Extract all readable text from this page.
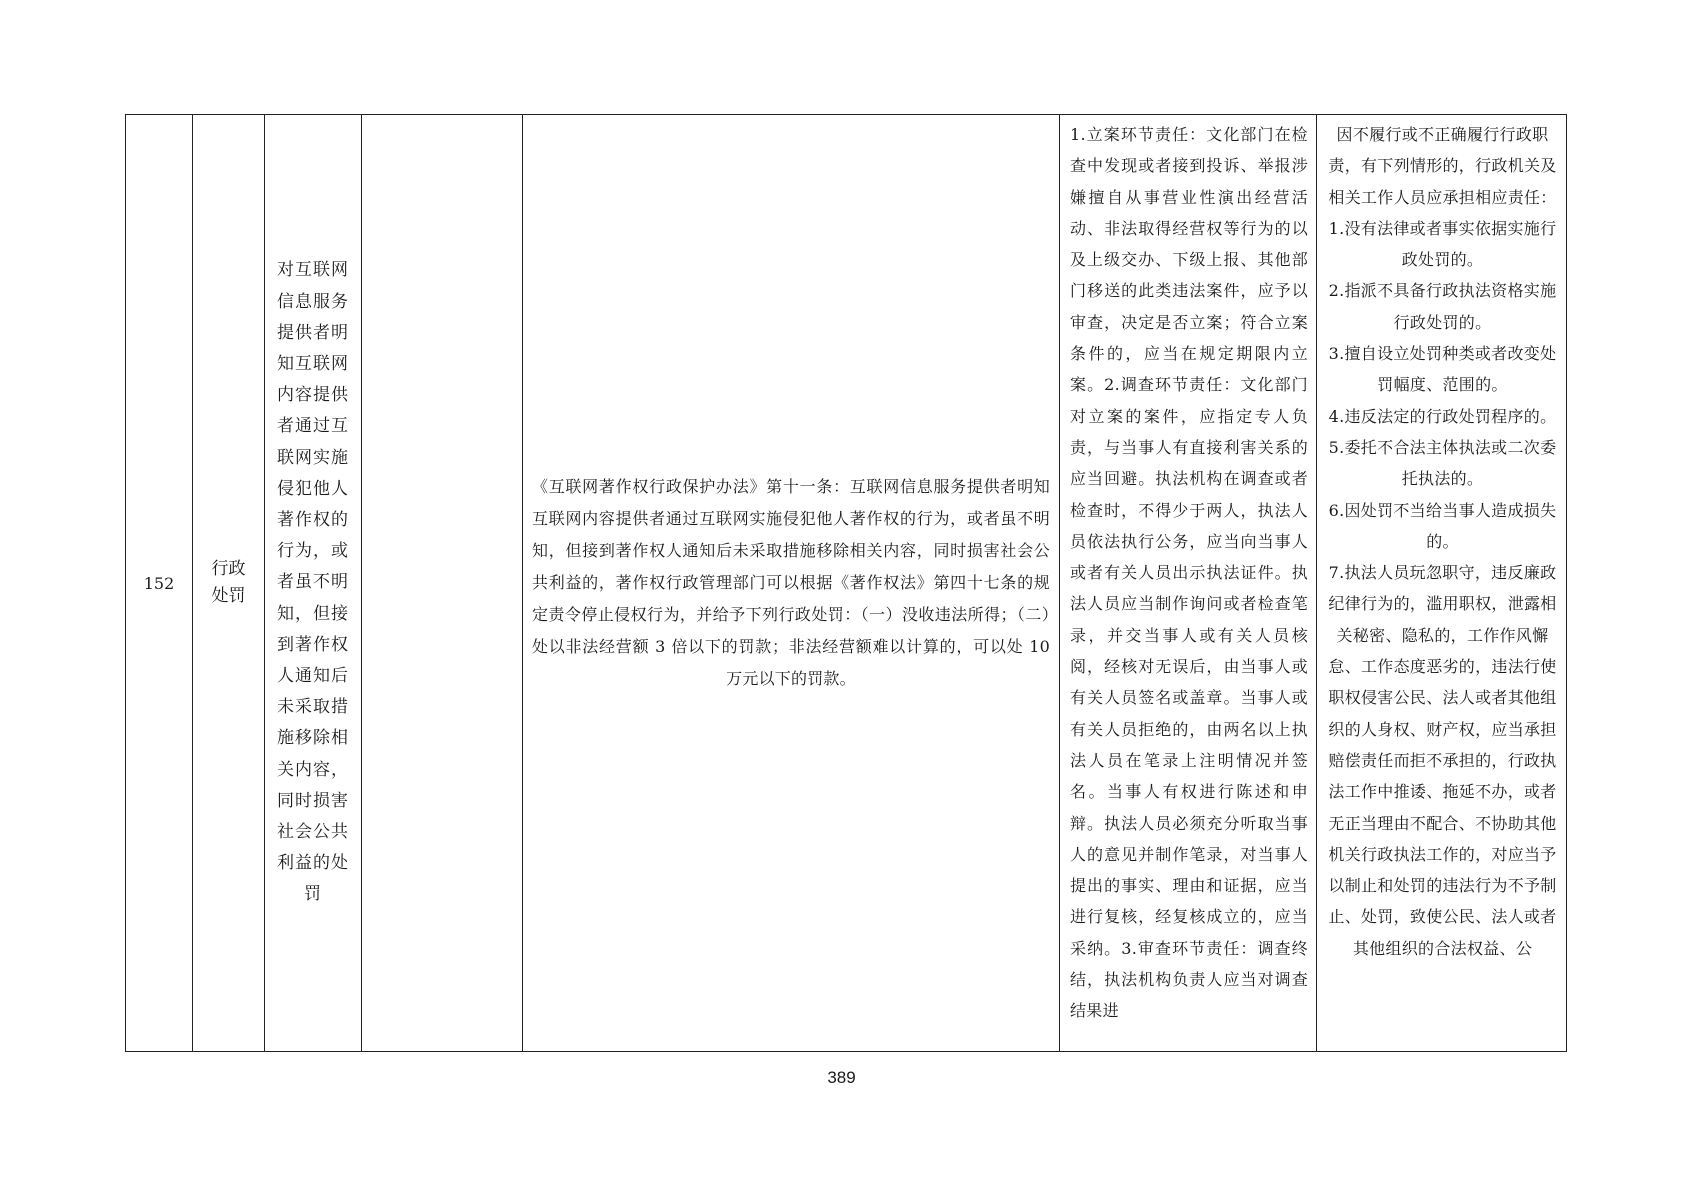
152
行政处罚
对互联网信息服务提供者明知互联网内容提供者通过互联网实施侵犯他人著作权的行为，或者虽不明知，但接到著作权人通知后未采取措施移除相关内容，同时损害社会公共利益的处罚
《互联网著作权行政保护办法》第十一条：互联网信息服务提供者明知互联网内容提供者通过互联网实施侵犯他人著作权的行为，或者虽不明知，但接到著作权人通知后未采取措施移除相关内容，同时损害社会公共利益的，著作权行政管理部门可以根据《著作权法》第四十七条的规定责令停止侵权行为，并给予下列行政处罚：（一）没收违法所得；（二）处以非法经营额 3 倍以下的罚款；非法经营额难以计算的，可以处 10 万元以下的罚款。
1.立案环节责任：文化部门在检查中发现或者接到投诉、举报涉嫌擅自从事营业性演出经营活动、非法取得经营权等行为的以及上级交办、下级上报、其他部门移送的此类违法案件，应予以审查，决定是否立案；符合立案条件的，应当在规定期限内立案。2.调查环节责任：文化部门对立案的案件，应指定专人负责，与当事人有直接利害关系的应当回避。执法机构在调查或者检查时，不得少于两人，执法人员依法执行公务，应当向当事人或者有关人员出示执法证件。执法人员应当制作询问或者检查笔录，并交当事人或有关人员核阅，经核对无误后，由当事人或有关人员签名或盖章。当事人或有关人员拒绝的，由两名以上执法人员在笔录上注明情况并签名。当事人有权进行陈述和申辩。执法人员必须充分听取当事人的意见并制作笔录，对当事人提出的事实、理由和证据，应当进行复核，经复核成立的，应当采纳。3.审查环节责任：调查终结，执法机构负责人应当对调查结果进

因不履行或不正确履行行政职责，有下列情形的，行政机关及相关工作人员应承担相应责任：

1.没有法律或者事实依据实施行政处罚的。

2.指派不具备行政执法资格实施行政处罚的。

3.擅自设立处罚种类或者改变处罚幅度、范围的。

4.违反法定的行政处罚程序的。

5.委托不合法主体执法或二次委托执法的。

6.因处罚不当给当事人造成损失的。

7.执法人员玩忽职守，违反廉政纪律行为的，滥用职权，泄露相关秘密、隐私的，工作作风懈怠、工作态度恶劣的，违法行使职权侵害公民、法人或者其他组织的人身权、财产权，应当承担赔偿责任而拒不承担的，行政执法工作中推诿、拖延不办，或者无正当理由不配合、不协助其他机关行政执法工作的，对应当予以制止和处罚的违法行为不予制止、处罚，致使公民、法人或者其他组织的合法权益、公

389
